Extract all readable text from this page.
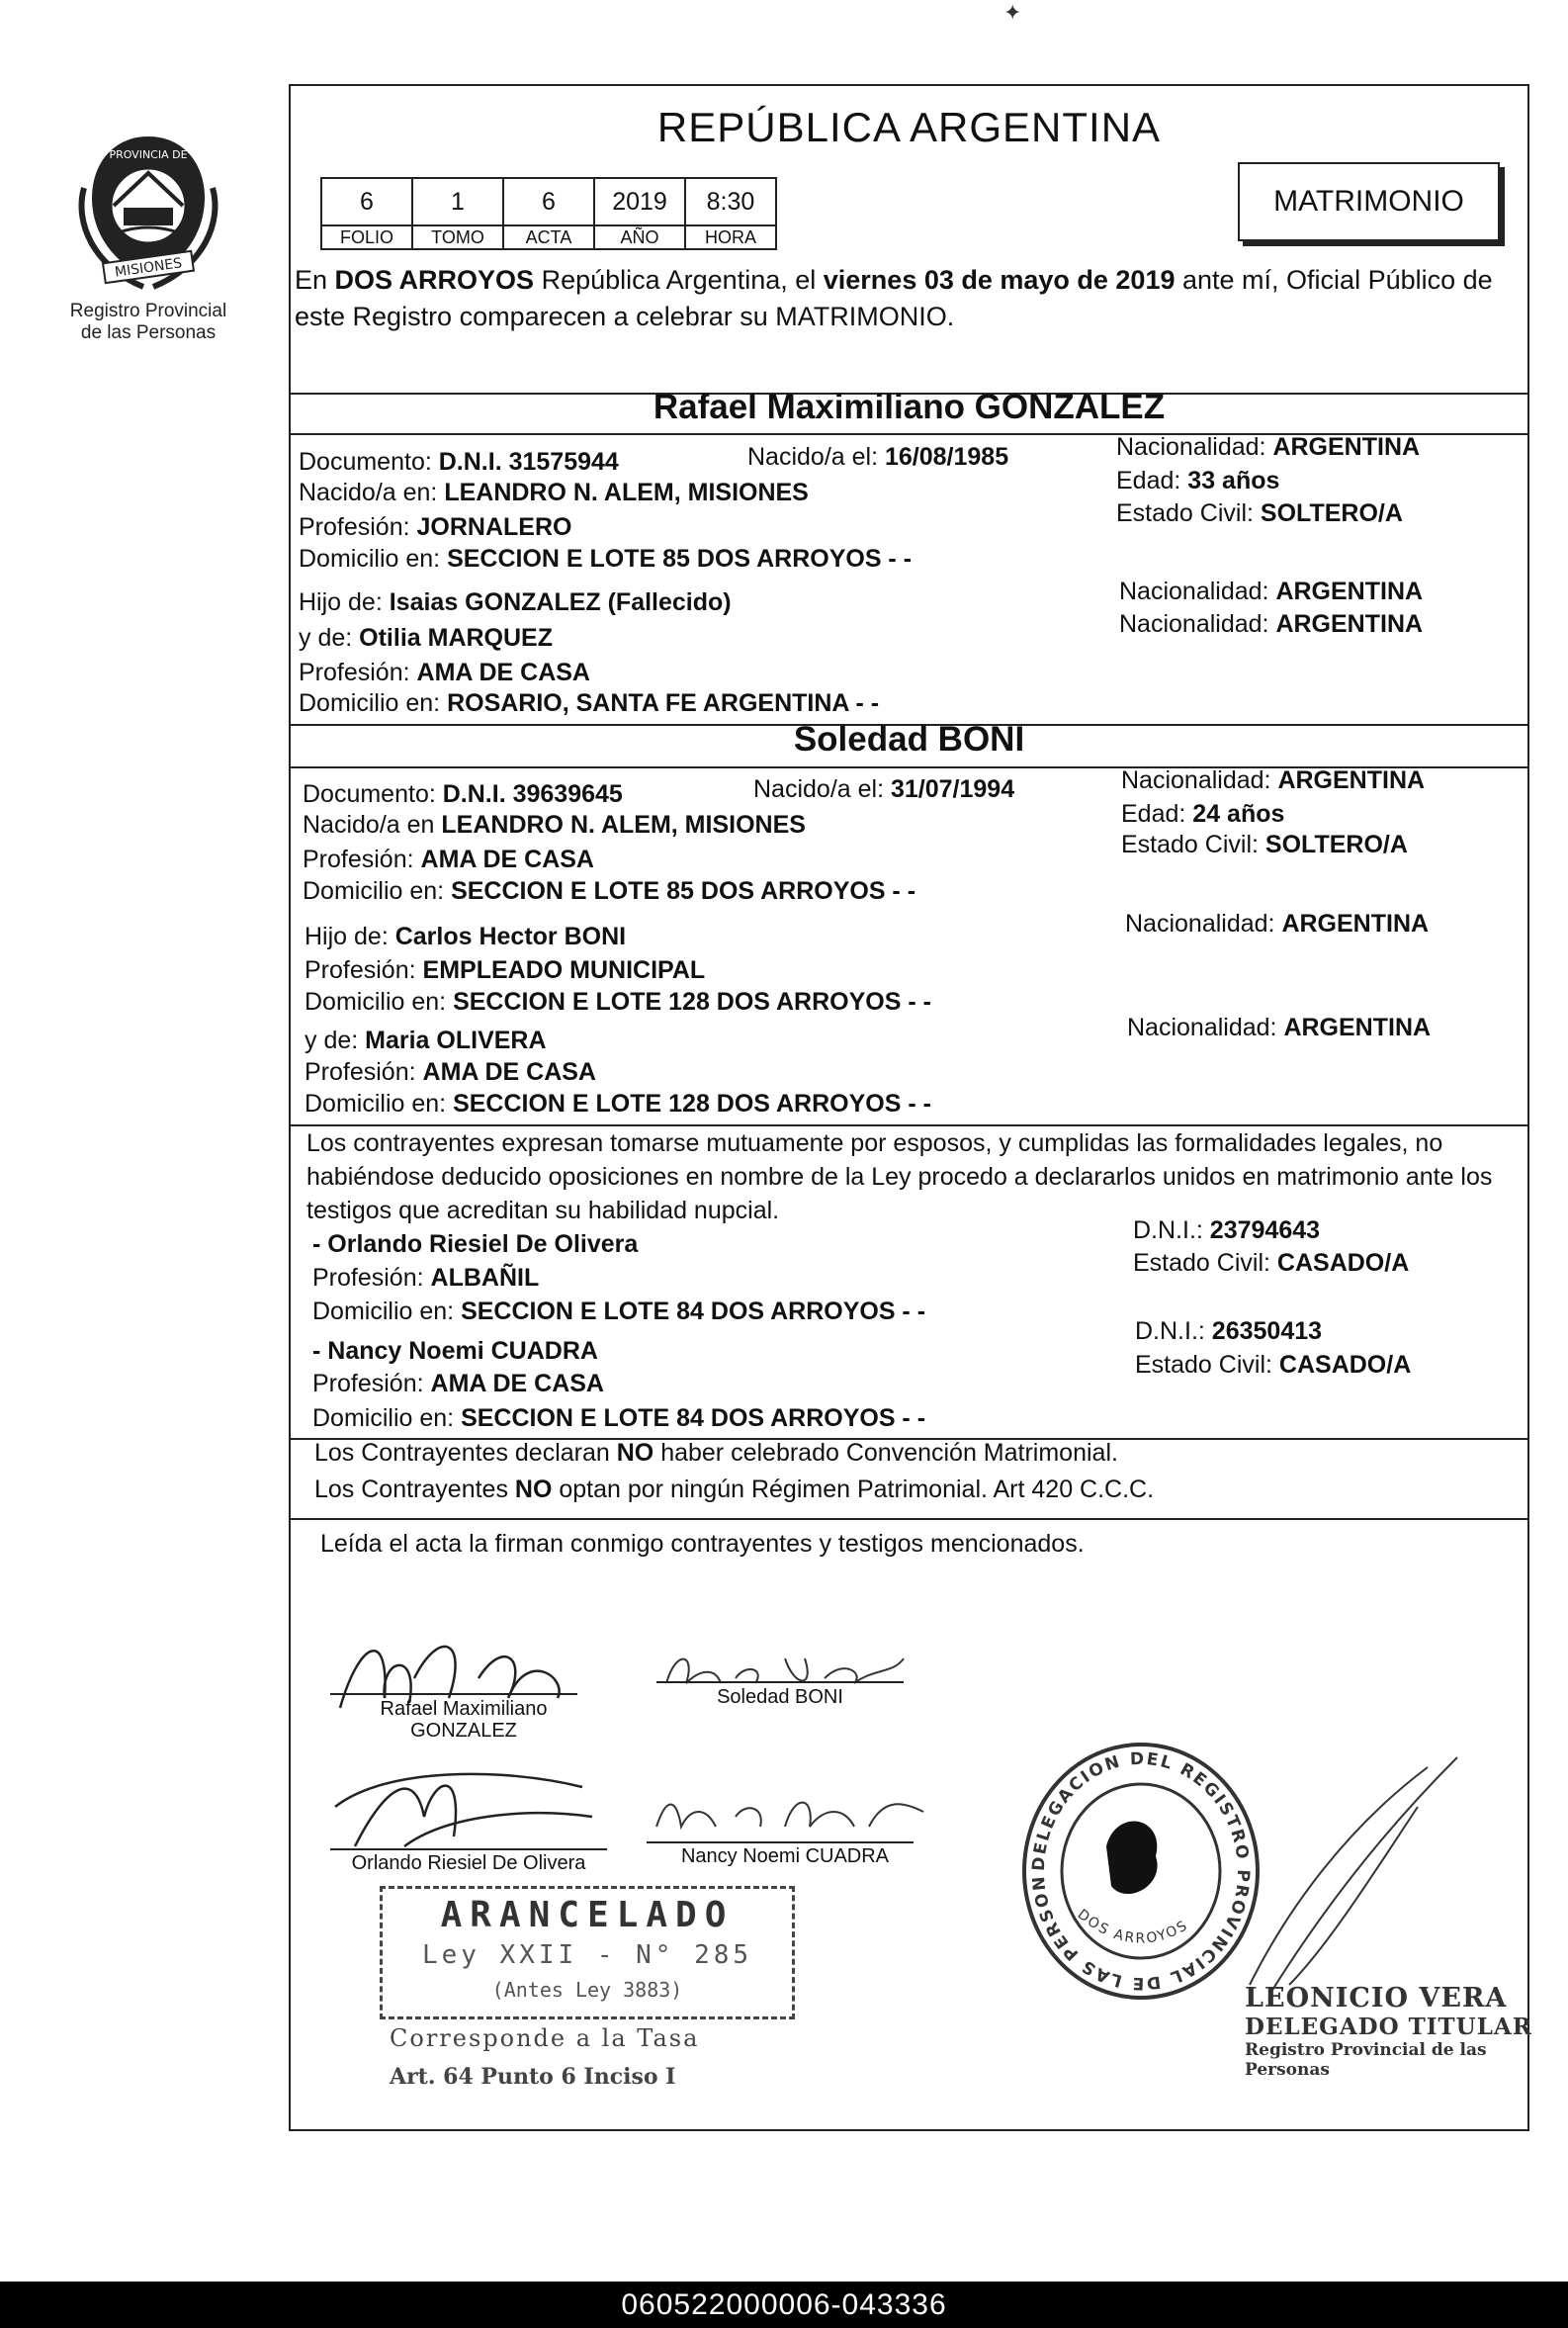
✦
PROVINCIA DE
MISIONES
Registro Provincial
de las Personas
REPÚBLICA ARGENTINA
6	1	6	2019	8:30
FOLIO	TOMO	ACTA	AÑO	HORA
MATRIMONIO
En DOS ARROYOS República Argentina, el viernes 03 de mayo de 2019 ante mí, Oficial Público de este Registro comparecen a celebrar su MATRIMONIO.
Rafael Maximiliano GONZALEZ
Documento: D.N.I. 31575944	Nacido/a el: 16/08/1985	Nacionalidad: ARGENTINA
Nacido/a en: LEANDRO N. ALEM, MISIONES	Edad: 33 años
Profesión: JORNALERO	Estado Civil: SOLTERO/A
Domicilio en: SECCION E LOTE 85 DOS ARROYOS - -
Hijo de: Isaias GONZALEZ (Fallecido)	Nacionalidad: ARGENTINA
y de: Otilia MARQUEZ	Nacionalidad: ARGENTINA
Profesión: AMA DE CASA
Domicilio en: ROSARIO, SANTA FE ARGENTINA - -
Soledad BONI
Documento: D.N.I. 39639645	Nacido/a el: 31/07/1994	Nacionalidad: ARGENTINA
Nacido/a en LEANDRO N. ALEM, MISIONES	Edad: 24 años
Profesión: AMA DE CASA
Estado Civil: SOLTERO/A
Domicilio en: SECCION E LOTE 85 DOS ARROYOS - -
Hijo de: Carlos Hector BONI	Nacionalidad: ARGENTINA
Profesión: EMPLEADO MUNICIPAL
Domicilio en: SECCION E LOTE 128 DOS ARROYOS - -
y de: Maria OLIVERA	Nacionalidad: ARGENTINA
Profesión: AMA DE CASA
Domicilio en: SECCION E LOTE 128 DOS ARROYOS - -
Los contrayentes expresan tomarse mutuamente por esposos, y cumplidas las formalidades legales, no habiéndose deducido oposiciones en nombre de la Ley procedo a declararlos unidos en matrimonio ante los testigos que acreditan su habilidad nupcial.
- Orlando Riesiel De Olivera	D.N.I.: 23794643
Profesión: ALBAÑIL
Estado Civil: CASADO/A
Domicilio en: SECCION E LOTE 84 DOS ARROYOS - -
- Nancy Noemi CUADRA
D.N.I.: 26350413
Profesión: AMA DE CASA
Estado Civil: CASADO/A
Domicilio en: SECCION E LOTE 84 DOS ARROYOS - -
Los Contrayentes declaran NO haber celebrado Convención Matrimonial.
Los Contrayentes NO optan por ningún Régimen Patrimonial. Art 420 C.C.C.
Leída el acta la firman conmigo contrayentes y testigos mencionados.
Rafael Maximiliano
GONZALEZ
Soledad BONI
Orlando Riesiel De Olivera	Nancy Noemi CUADRA
ARANCELADO
Ley XXII - N° 285
(Antes Ley 3883)
Corresponde a la Tasa
Art. 64 Punto 6 Inciso I
DELEGACION DEL REGISTRO PROVINCIAL DE LAS PERSONAS
DOS ARROYOS
LEONICIO VERA
DELEGADO TITULAR
Registro Provincial de las Personas
060522000006-043336
